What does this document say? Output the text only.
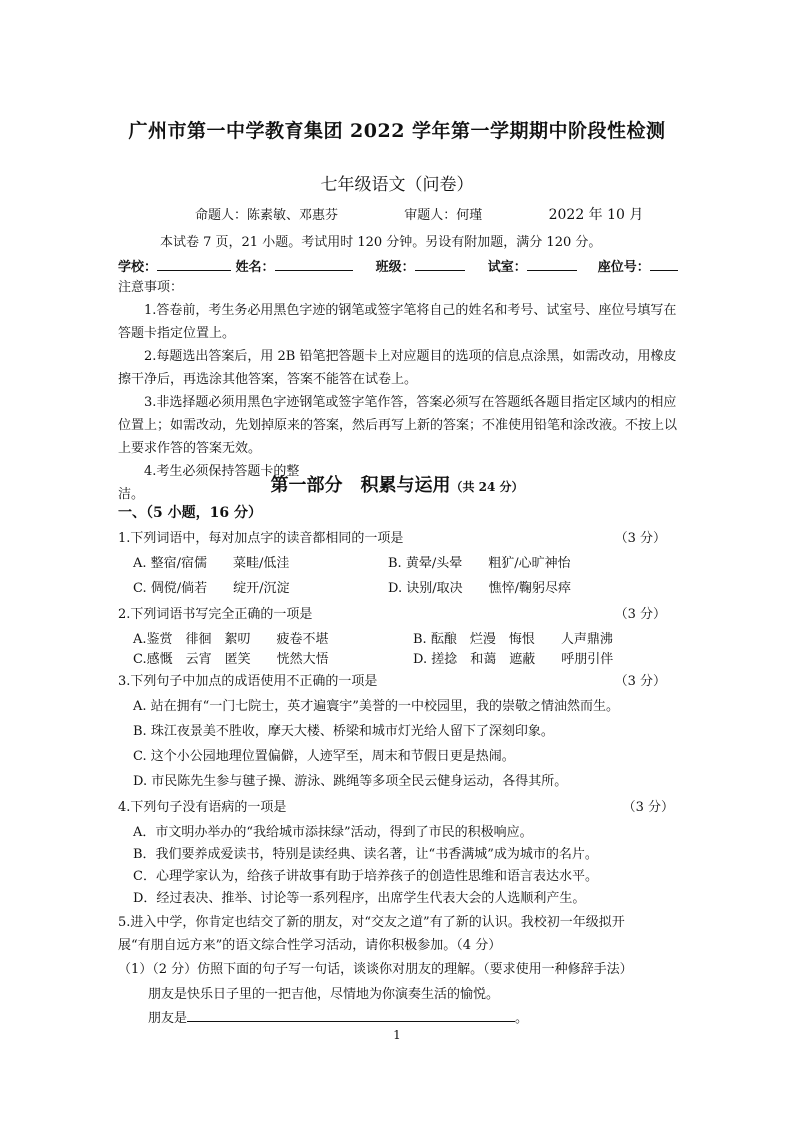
广州市第一中学教育集团 2022 学年第一学期期中阶段性检测
七年级语文（问卷）
命题人：陈素敏、邓惠芬	审题人：何瑾	2022 年 10 月
本试卷 7 页，21 小题。考试用时 120 分钟。另设有附加题，满分 120 分。
学校：	姓名：	班级：	试室：	座位号：
注意事项：
1.答卷前，考生务必用黑色字迹的钢笔或签字笔将自己的姓名和考号、试室号、座位号填写在答题卡指定位置上。
2.每题选出答案后，用 2B 铅笔把答题卡上对应题目的选项的信息点涂黑，如需改动，用橡皮擦干净后，再选涂其他答案，答案不能答在试卷上。
3.非选择题必须用黑色字迹钢笔或签字笔作答，答案必须写在答题纸各题目指定区域内的相应位置上；如需改动，先划掉原来的答案，然后再写上新的答案；不准使用铅笔和涂改液。不按上以上要求作答的答案无效。
4.考生必须保持答题卡的整洁。	第一部分　积累与运用（共 24 分）
一、（5 小题，16 分）
1.下列词语中，每对加点字的读音都相同的一项是	（3 分）
A. 整宿/宿儒　　菜畦/低洼	B. 黄晕/头晕　　粗犷/心旷神怡
C. 倜傥/倘若　　绽开/沉淀	D. 诀别/取决　　憔悴/鞠躬尽瘁
2.下列词语书写完全正确的一项是	（3 分）
A.鉴赏　徘徊　絮叨　　疲卷不堪	B. 酝酿　烂漫　悔恨　　人声鼎沸
C.感慨　云宵　匿笑　　恍然大悟	D. 搓捻　和蔼　遮蔽　　呼朋引伴
3.下列句子中加点的成语使用不正确的一项是	（3 分）
A. 站在拥有“一门七院士，英才遍寰宇”美誉的一中校园里，我的崇敬之情油然而生。
B. 珠江夜景美不胜收，摩天大楼、桥梁和城市灯光给人留下了深刻印象。
C. 这个小公园地理位置偏僻，人迹罕至，周末和节假日更是热闹。
D. 市民陈先生参与毽子操、游泳、跳绳等多项全民云健身运动，各得其所。
4.下列句子没有语病的一项是	（3 分）
A．市文明办举办的“我给城市添抹绿”活动，得到了市民的积极响应。
B．我们要养成爱读书，特别是读经典、读名著，让“书香满城”成为城市的名片。
C．心理学家认为，给孩子讲故事有助于培养孩子的创造性思维和语言表达水平。
D．经过表决、推举、讨论等一系列程序，出席学生代表大会的人选顺利产生。
5.进入中学，你肯定也结交了新的朋友，对“交友之道”有了新的认识。我校初一年级拟开
展“有朋自远方来”的语文综合性学习活动，请你积极参加。（4 分）
（1）（2 分）仿照下面的句子写一句话，谈谈你对朋友的理解。（要求使用一种修辞手法）
朋友是快乐日子里的一把吉他，尽情地为你演奏生活的愉悦。
朋友是	。
1
